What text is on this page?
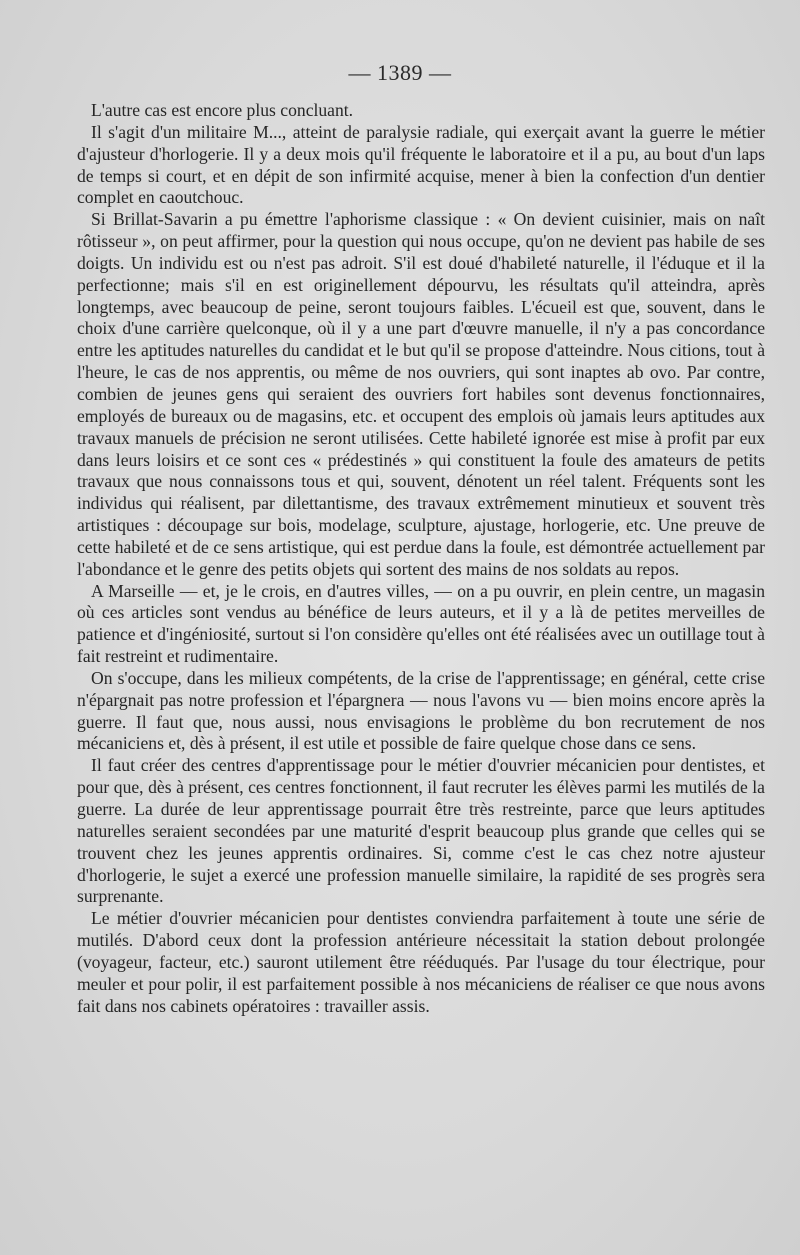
— 1389 —

L'autre cas est encore plus concluant.

Il s'agit d'un militaire M..., atteint de paralysie radiale, qui exerçait avant la guerre le métier d'ajusteur d'horlogerie. Il y a deux mois qu'il fréquente le laboratoire et il a pu, au bout d'un laps de temps si court, et en dépit de son infirmité acquise, mener à bien la confection d'un dentier complet en caoutchouc.

Si Brillat-Savarin a pu émettre l'aphorisme classique : « On devient cuisinier, mais on naît rôtisseur », on peut affirmer, pour la question qui nous occupe, qu'on ne devient pas habile de ses doigts. Un individu est ou n'est pas adroit. S'il est doué d'habileté naturelle, il l'éduque et il la perfectionne; mais s'il en est originellement dépourvu, les résultats qu'il atteindra, après longtemps, avec beaucoup de peine, seront toujours faibles. L'écueil est que, souvent, dans le choix d'une carrière quelconque, où il y a une part d'œuvre manuelle, il n'y a pas concordance entre les aptitudes naturelles du candidat et le but qu'il se propose d'atteindre. Nous citions, tout à l'heure, le cas de nos apprentis, ou même de nos ouvriers, qui sont inaptes ab ovo. Par contre, combien de jeunes gens qui seraient des ouvriers fort habiles sont devenus fonctionnaires, employés de bureaux ou de magasins, etc. et occupent des emplois où jamais leurs aptitudes aux travaux manuels de précision ne seront utilisées. Cette habileté ignorée est mise à profit par eux dans leurs loisirs et ce sont ces « prédestinés » qui constituent la foule des amateurs de petits travaux que nous connaissons tous et qui, souvent, dénotent un réel talent. Fréquents sont les individus qui réalisent, par dilettantisme, des travaux extrêmement minutieux et souvent très artistiques : découpage sur bois, modelage, sculpture, ajustage, horlogerie, etc. Une preuve de cette habileté et de ce sens artistique, qui est perdue dans la foule, est démontrée actuellement par l'abondance et le genre des petits objets qui sortent des mains de nos soldats au repos.

A Marseille — et, je le crois, en d'autres villes, — on a pu ouvrir, en plein centre, un magasin où ces articles sont vendus au bénéfice de leurs auteurs, et il y a là de petites merveilles de patience et d'ingéniosité, surtout si l'on considère qu'elles ont été réalisées avec un outillage tout à fait restreint et rudimentaire.

On s'occupe, dans les milieux compétents, de la crise de l'apprentissage; en général, cette crise n'épargnait pas notre profession et l'épargnera — nous l'avons vu — bien moins encore après la guerre. Il faut que, nous aussi, nous envisagions le problème du bon recrutement de nos mécaniciens et, dès à présent, il est utile et possible de faire quelque chose dans ce sens.

Il faut créer des centres d'apprentissage pour le métier d'ouvrier mécanicien pour dentistes, et pour que, dès à présent, ces centres fonctionnent, il faut recruter les élèves parmi les mutilés de la guerre. La durée de leur apprentissage pourrait être très restreinte, parce que leurs aptitudes naturelles seraient secondées par une maturité d'esprit beaucoup plus grande que celles qui se trouvent chez les jeunes apprentis ordinaires. Si, comme c'est le cas chez notre ajusteur d'horlogerie, le sujet a exercé une profession manuelle similaire, la rapidité de ses progrès sera surprenante.

Le métier d'ouvrier mécanicien pour dentistes conviendra parfaitement à toute une série de mutilés. D'abord ceux dont la profession antérieure nécessitait la station debout prolongée (voyageur, facteur, etc.) sauront utilement être rééduqués. Par l'usage du tour électrique, pour meuler et pour polir, il est parfaitement possible à nos mécaniciens de réaliser ce que nous avons fait dans nos cabinets opératoires : travailler assis.
